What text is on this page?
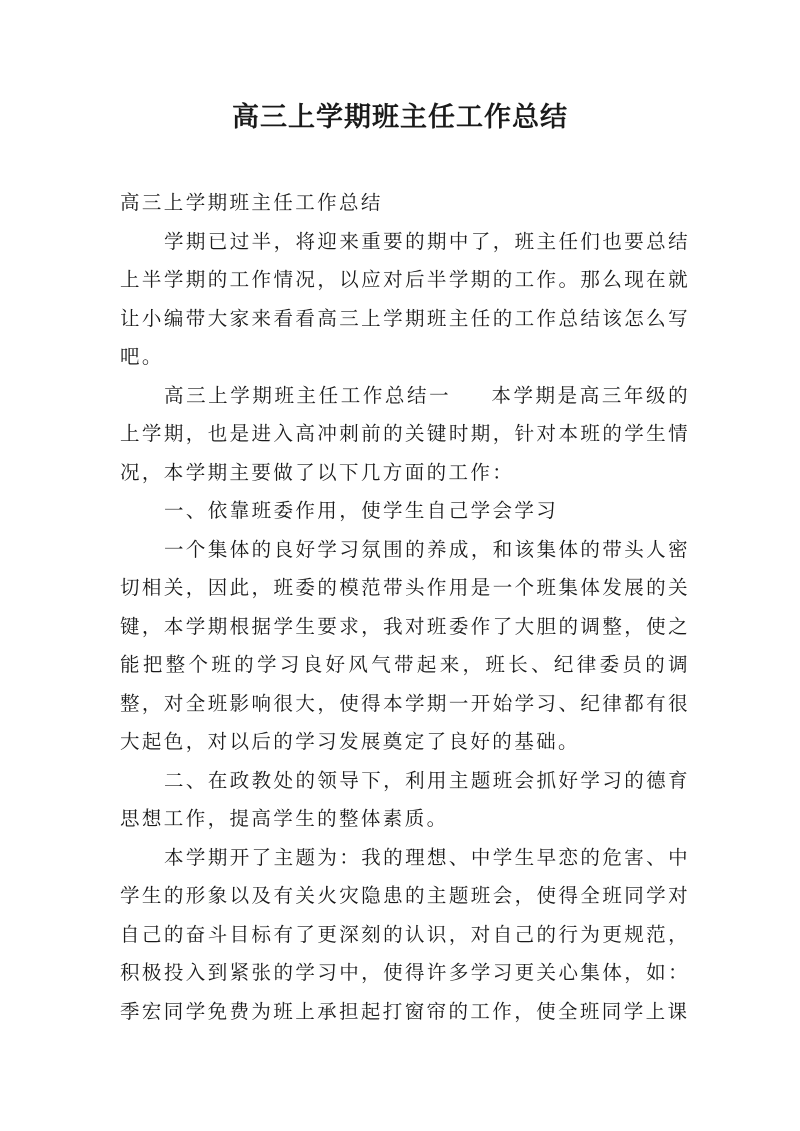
高三上学期班主任工作总结

高三上学期班主任工作总结

学期已过半，将迎来重要的期中了，班主任们也要总结上半学期的工作情况，以应对后半学期的工作。那么现在就让小编带大家来看看高三上学期班主任的工作总结该怎么写吧。

高三上学期班主任工作总结一 本学期是高三年级的上学期，也是进入高冲刺前的关键时期，针对本班的学生情况，本学期主要做了以下几方面的工作：

一、依靠班委作用，使学生自己学会学习

一个集体的良好学习氛围的养成，和该集体的带头人密切相关，因此，班委的模范带头作用是一个班集体发展的关键，本学期根据学生要求，我对班委作了大胆的调整，使之能把整个班的学习良好风气带起来，班长、纪律委员的调整，对全班影响很大，使得本学期一开始学习、纪律都有很大起色，对以后的学习发展奠定了良好的基础。

二、在政教处的领导下，利用主题班会抓好学习的德育思想工作，提高学生的整体素质。

本学期开了主题为：我的理想、中学生早恋的危害、中学生的形象以及有关火灾隐患的主题班会，使得全班同学对自己的奋斗目标有了更深刻的认识，对自己的行为更规范，积极投入到紧张的学习中，使得许多学习更关心集体，如：季宏同学免费为班上承担起打窗帘的工作，使全班同学上课
